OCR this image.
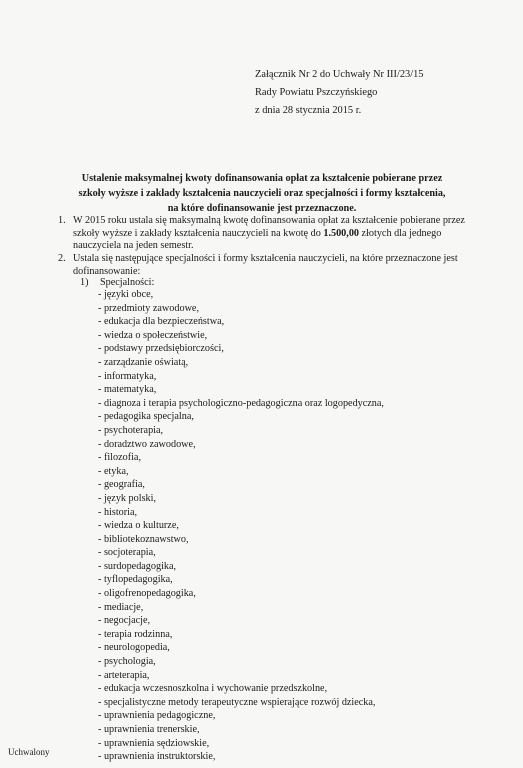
Załącznik Nr 2 do Uchwały Nr III/23/15
Rady Powiatu Pszczyńskiego
z dnia 28 stycznia 2015 r.
Ustalenie maksymalnej kwoty dofinansowania opłat za kształcenie pobierane przez
szkoły wyższe i zakłady kształcenia nauczycieli oraz specjalności i formy kształcenia,
na które dofinansowanie jest przeznaczone.
1. W 2015 roku ustala się maksymalną kwotę dofinansowania opłat za kształcenie pobierane przez szkoły wyższe i zakłady kształcenia nauczycieli na kwotę do 1.500,00 złotych dla jednego nauczyciela na jeden semestr.
2. Ustala się następujące specjalności i formy kształcenia nauczycieli, na które przeznaczone jest dofinansowanie:
1) Specjalności:
- języki obce,
- przedmioty zawodowe,
- edukacja dla bezpieczeństwa,
- wiedza o społeczeństwie,
- podstawy przedsiębiorczości,
- zarządzanie oświatą,
- informatyka,
- matematyka,
- diagnoza i terapia psychologiczno-pedagogiczna oraz logopedyczna,
- pedagogika specjalna,
- psychoterapia,
- doradztwo zawodowe,
- filozofia,
- etyka,
- geografia,
- język polski,
- historia,
- wiedza o kulturze,
- bibliotekoznawstwo,
- socjoterapia,
- surdopedagogika,
- tyflopedagogika,
- oligofrenopedagogika,
- mediacje,
- negocjacje,
- terapia rodzinna,
- neurologopedia,
- psychologia,
- arteterapia,
- edukacja wczesnoszkolna i wychowanie przedszkolne,
- specjalistyczne metody terapeutyczne wspierające rozwój dziecka,
- uprawnienia pedagogiczne,
- uprawnienia trenerskie,
- uprawnienia sędziowskie,
- uprawnienia instruktorskie,
Uchwalony
